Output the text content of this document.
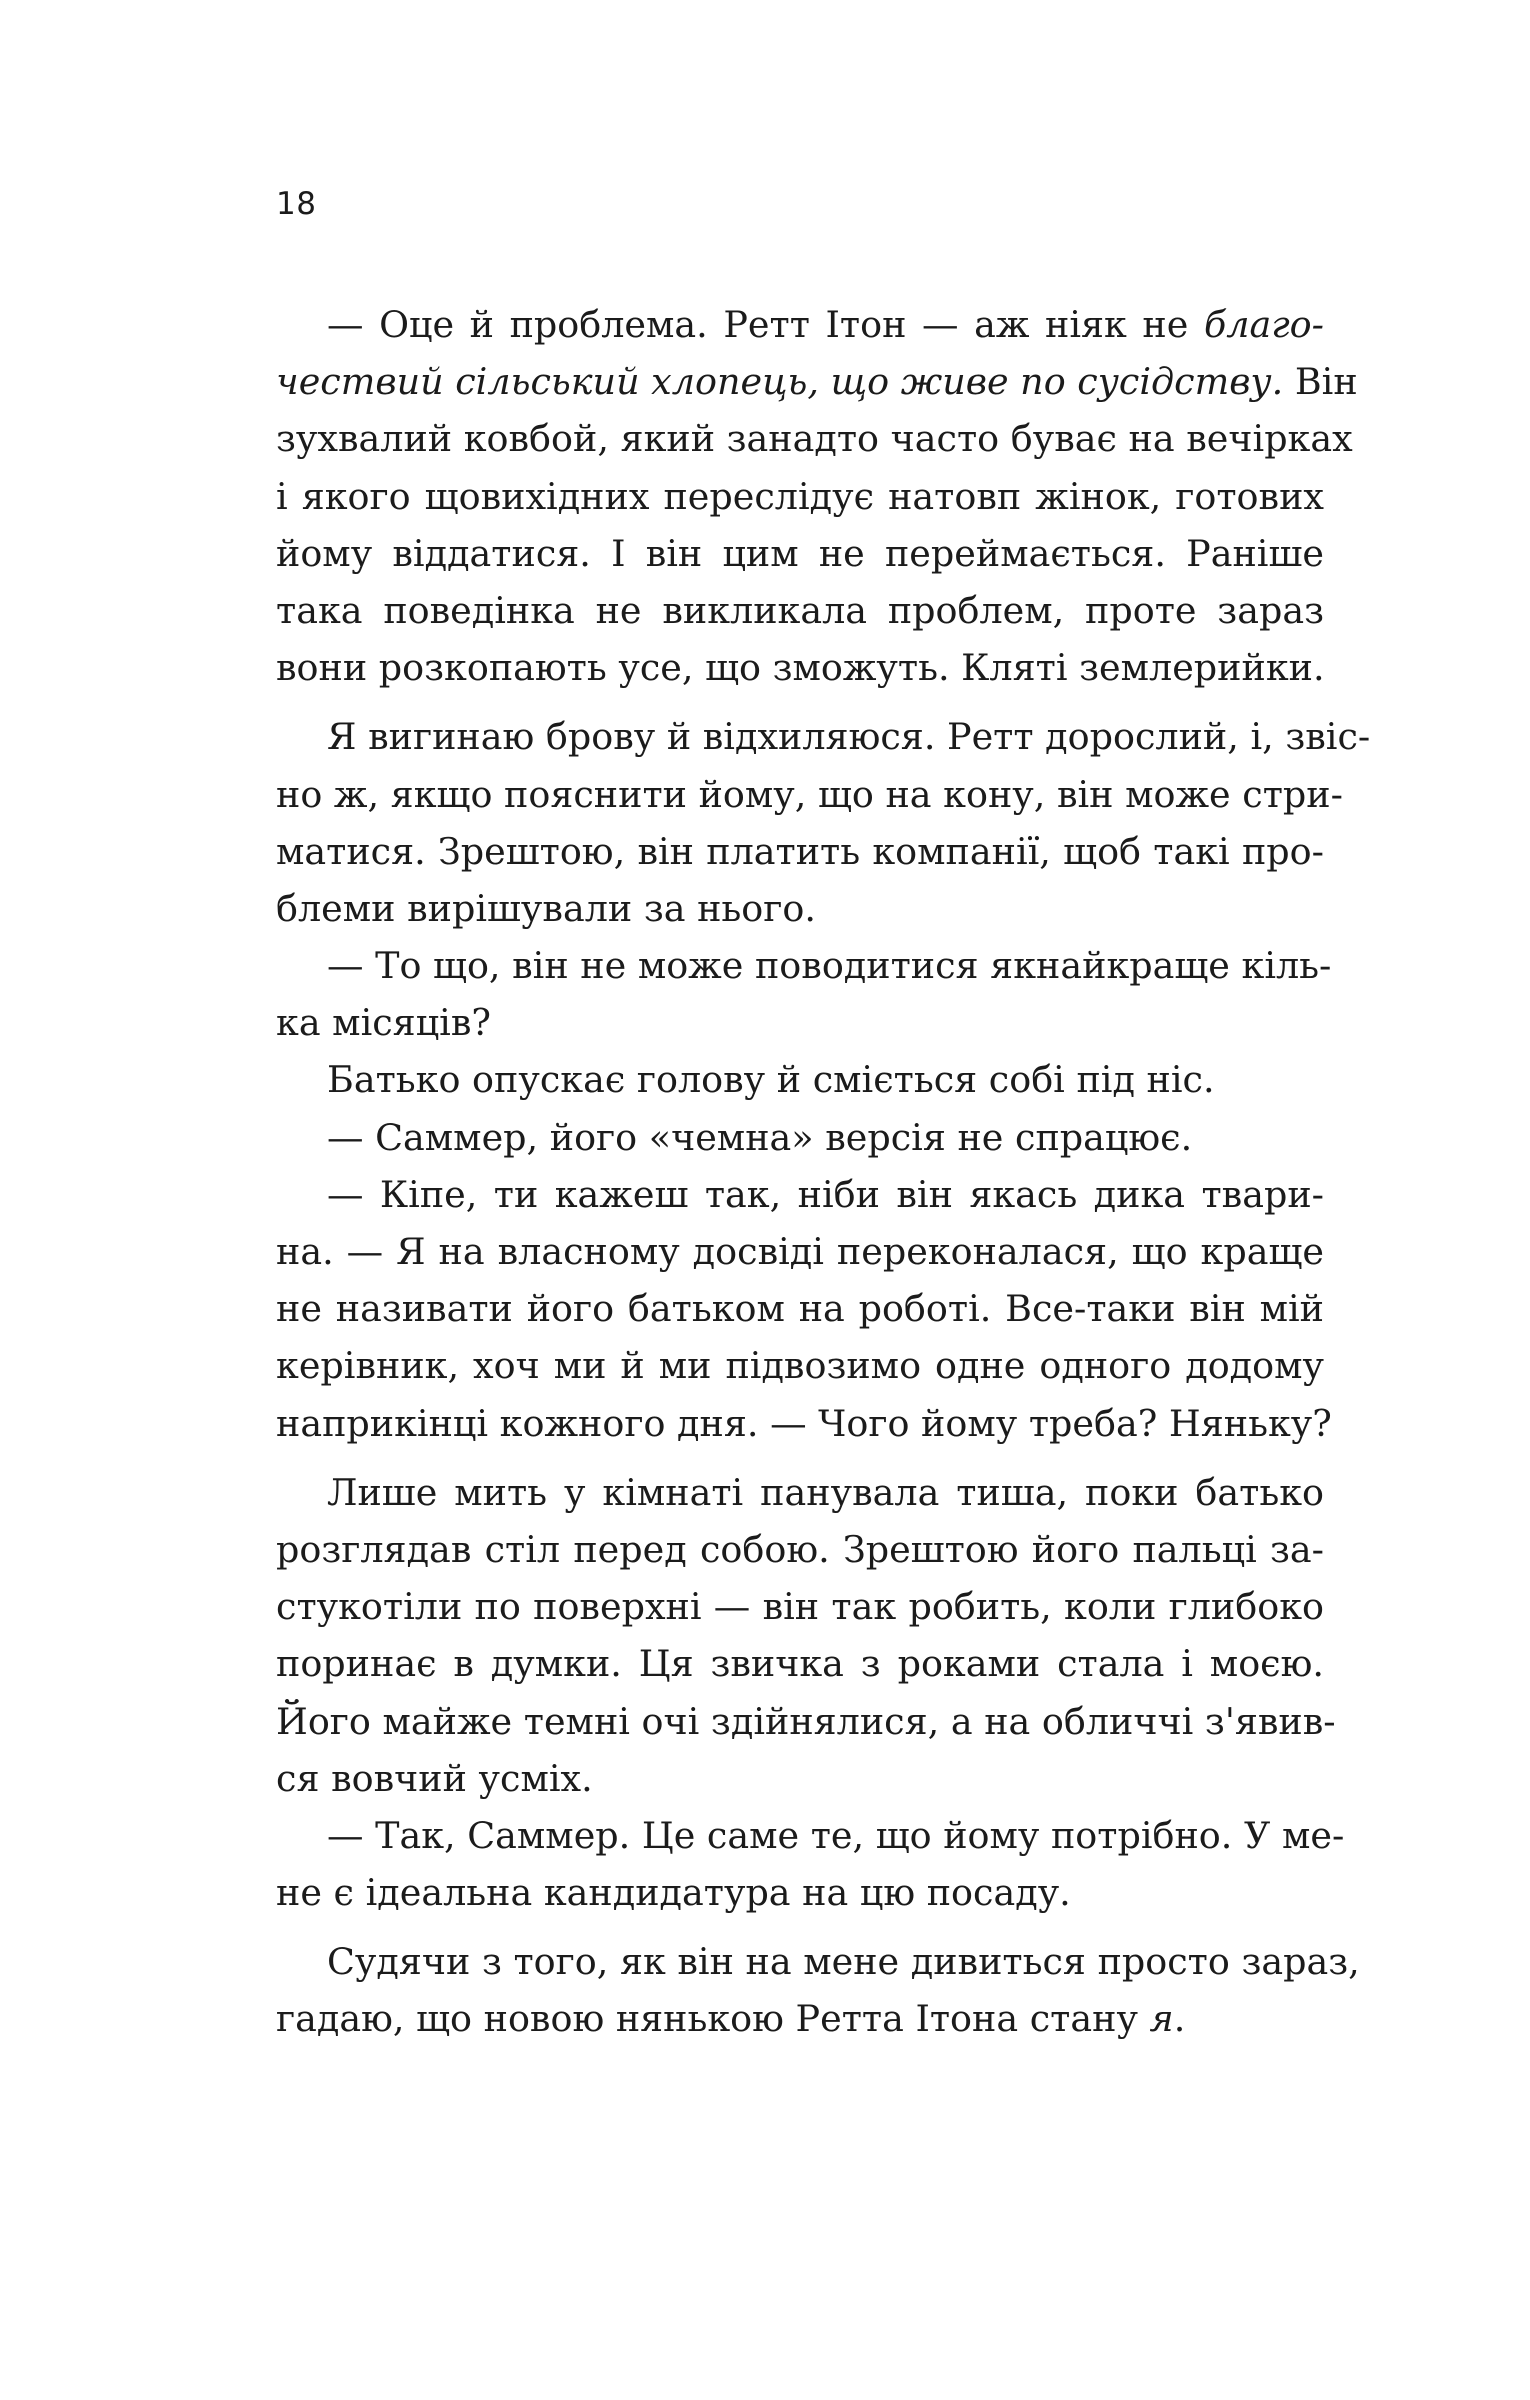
18
— Оце й проблема. Ретт Ітон — аж ніяк не благо-
чествий сільський хлопець, що живе по сусідству. Він
зухвалий ковбой, який занадто часто буває на вечірках
і якого щовихідних переслідує натовп жінок, готових
йому віддатися. І він цим не переймається. Раніше
така поведінка не викликала проблем, проте зараз
вони розкопають усе, що зможуть. Кляті землерийки.
Я вигинаю брову й відхиляюся. Ретт дорослий, і, звіс-
но ж, якщо пояснити йому, що на кону, він може стри-
матися. Зрештою, він платить компанії, щоб такі про-
блеми вирішували за нього.
— То що, він не може поводитися якнайкраще кіль-
ка місяців?
Батько опускає голову й сміється собі під ніс.
— Саммер, його «чемна» версія не спрацює.
— Кіпе, ти кажеш так, ніби він якась дика твари-
на. — Я на власному досвіді переконалася, що краще
не називати його батьком на роботі. Все-таки він мій
керівник, хоч ми й ми підвозимо одне одного додому
наприкінці кожного дня. — Чого йому треба? Няньку?
Лише мить у кімнаті панувала тиша, поки батько
розглядав стіл перед собою. Зрештою його пальці за-
стукотіли по поверхні — він так робить, коли глибоко
поринає в думки. Ця звичка з роками стала і моєю.
Його майже темні очі здійнялися, а на обличчі з'явив-
ся вовчий усміх.
— Так, Саммер. Це саме те, що йому потрібно. У ме-
не є ідеальна кандидатура на цю посаду.
Судячи з того, як він на мене дивиться просто зараз,
гадаю, що новою нянькою Ретта Ітона стану я.
